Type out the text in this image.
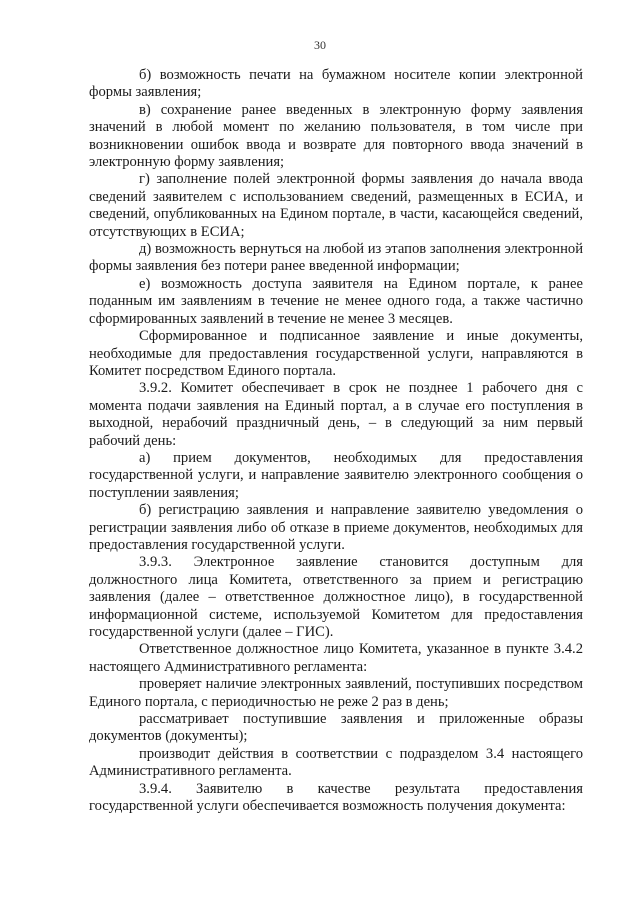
30

б) возможность печати на бумажном носителе копии электронной формы заявления;

в) сохранение ранее введенных в электронную форму заявления значений в любой момент по желанию пользователя, в том числе при возникновении ошибок ввода и возврате для повторного ввода значений в электронную форму заявления;

г) заполнение полей электронной формы заявления до начала ввода сведений заявителем с использованием сведений, размещенных в ЕСИА, и сведений, опубликованных на Едином портале, в части, касающейся сведений, отсутствующих в ЕСИА;

д) возможность вернуться на любой из этапов заполнения электронной формы заявления без потери ранее введенной информации;

е) возможность доступа заявителя на Едином портале, к ранее поданным им заявлениям в течение не менее одного года, а также частично сформированных заявлений в течение не менее 3 месяцев.

Сформированное и подписанное заявление и иные документы, необходимые для предоставления государственной услуги, направляются в Комитет посредством Единого портала.

3.9.2. Комитет обеспечивает в срок не позднее 1 рабочего дня с момента подачи заявления на Единый портал, а в случае его поступления в выходной, нерабочий праздничный день, – в следующий за ним первый рабочий день:

а) прием документов, необходимых для предоставления государственной услуги, и направление заявителю электронного сообщения о поступлении заявления;

б) регистрацию заявления и направление заявителю уведомления о регистрации заявления либо об отказе в приеме документов, необходимых для предоставления государственной услуги.

3.9.3. Электронное заявление становится доступным для должностного лица Комитета, ответственного за прием и регистрацию заявления (далее – ответственное должностное лицо), в государственной информационной системе, используемой Комитетом для предоставления государственной услуги (далее – ГИС).

Ответственное должностное лицо Комитета, указанное в пункте 3.4.2 настоящего Административного регламента:

проверяет наличие электронных заявлений, поступивших посредством Единого портала, с периодичностью не реже 2 раз в день;

рассматривает поступившие заявления и приложенные образы документов (документы);

производит действия в соответствии с подразделом 3.4 настоящего Административного регламента.

3.9.4. Заявителю в качестве результата предоставления государственной услуги обеспечивается возможность получения документа:
